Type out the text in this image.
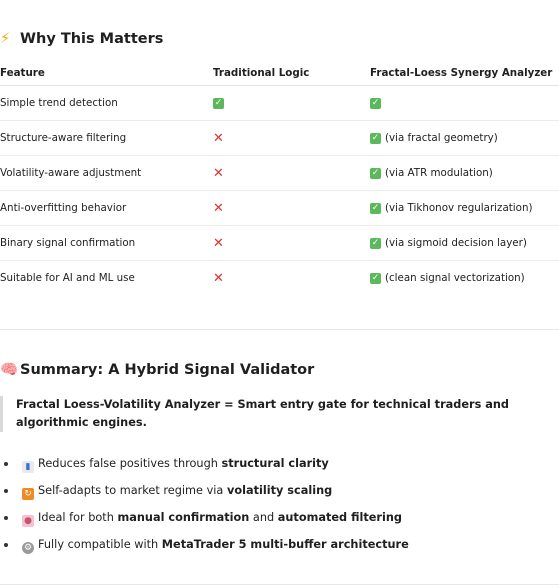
⚡ Why This Matters
Feature	Traditional Logic	Fractal-Loess Synergy Analyzer
Simple trend detection	✓	✓
Structure-aware filtering	✕	✓ (via fractal geometry)
Volatility-aware adjustment	✕	✓ (via ATR modulation)
Anti-overfitting behavior	✕	✓ (via Tikhonov regularization)
Binary signal confirmation	✕	✓ (via sigmoid decision layer)
Suitable for AI and ML use	✕	✓ (clean signal vectorization)
🧠 Summary: A Hybrid Signal Validator

Fractal Loess-Volatility Analyzer = Smart entry gate for technical traders and algorithmic engines.

▮ Reduces false positives through structural clarity
↻ Self-adapts to market regime via volatility scaling
● Ideal for both manual confirmation and automated filtering
⚙ Fully compatible with MetaTrader 5 multi-buffer architecture
